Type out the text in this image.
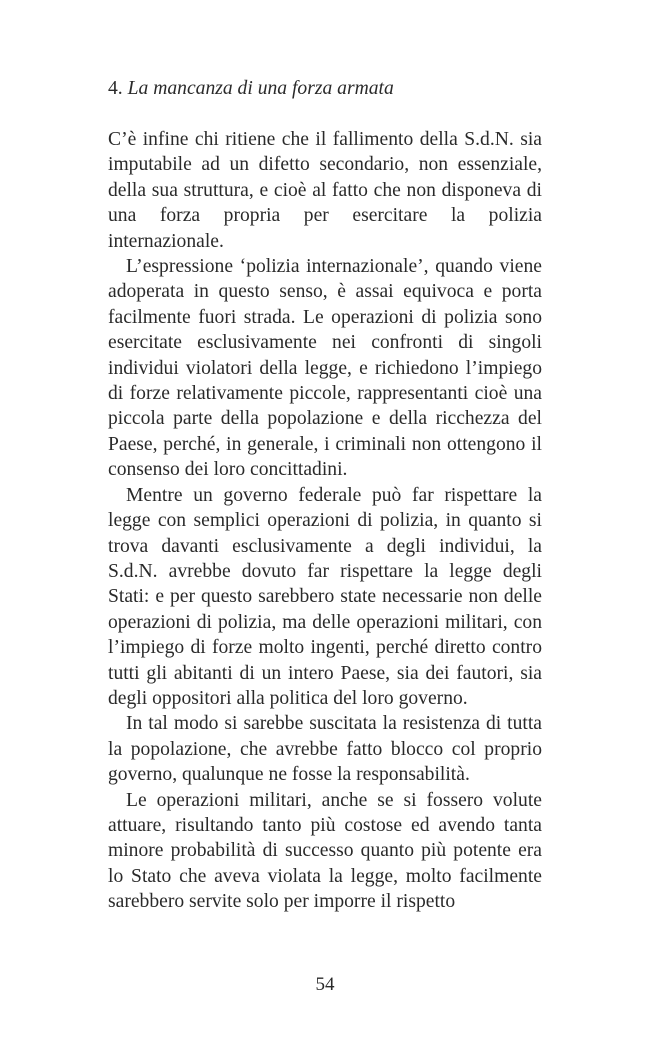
4. La mancanza di una forza armata

C’è infine chi ritiene che il fallimento della S.d.N. sia imputabile ad un difetto secondario, non essenziale, della sua struttura, e cioè al fatto che non disponeva di una forza propria per esercitare la polizia internazionale.

L’espressione ‘polizia internazionale’, quando viene adoperata in questo senso, è assai equivoca e porta facilmente fuori strada. Le operazioni di polizia sono esercitate esclusivamente nei confronti di singoli individui violatori della legge, e richiedono l’impiego di forze relativamente piccole, rappresentanti cioè una piccola parte della popolazione e della ricchezza del Paese, perché, in generale, i criminali non ottengono il consenso dei loro concittadini.

Mentre un governo federale può far rispettare la legge con semplici operazioni di polizia, in quanto si trova davanti esclusivamente a degli individui, la S.d.N. avrebbe dovuto far rispettare la legge degli Stati: e per questo sarebbero state necessarie non delle operazioni di polizia, ma delle operazioni militari, con l’impiego di forze molto ingenti, perché diretto contro tutti gli abitanti di un intero Paese, sia dei fautori, sia degli oppositori alla politica del loro governo.

In tal modo si sarebbe suscitata la resistenza di tutta la popolazione, che avrebbe fatto blocco col proprio governo, qualunque ne fosse la responsabilità.

Le operazioni militari, anche se si fossero volute attuare, risultando tanto più costose ed avendo tanta minore probabilità di successo quanto più potente era lo Stato che aveva violata la legge, molto facilmente sarebbero servite solo per imporre il rispetto

54
